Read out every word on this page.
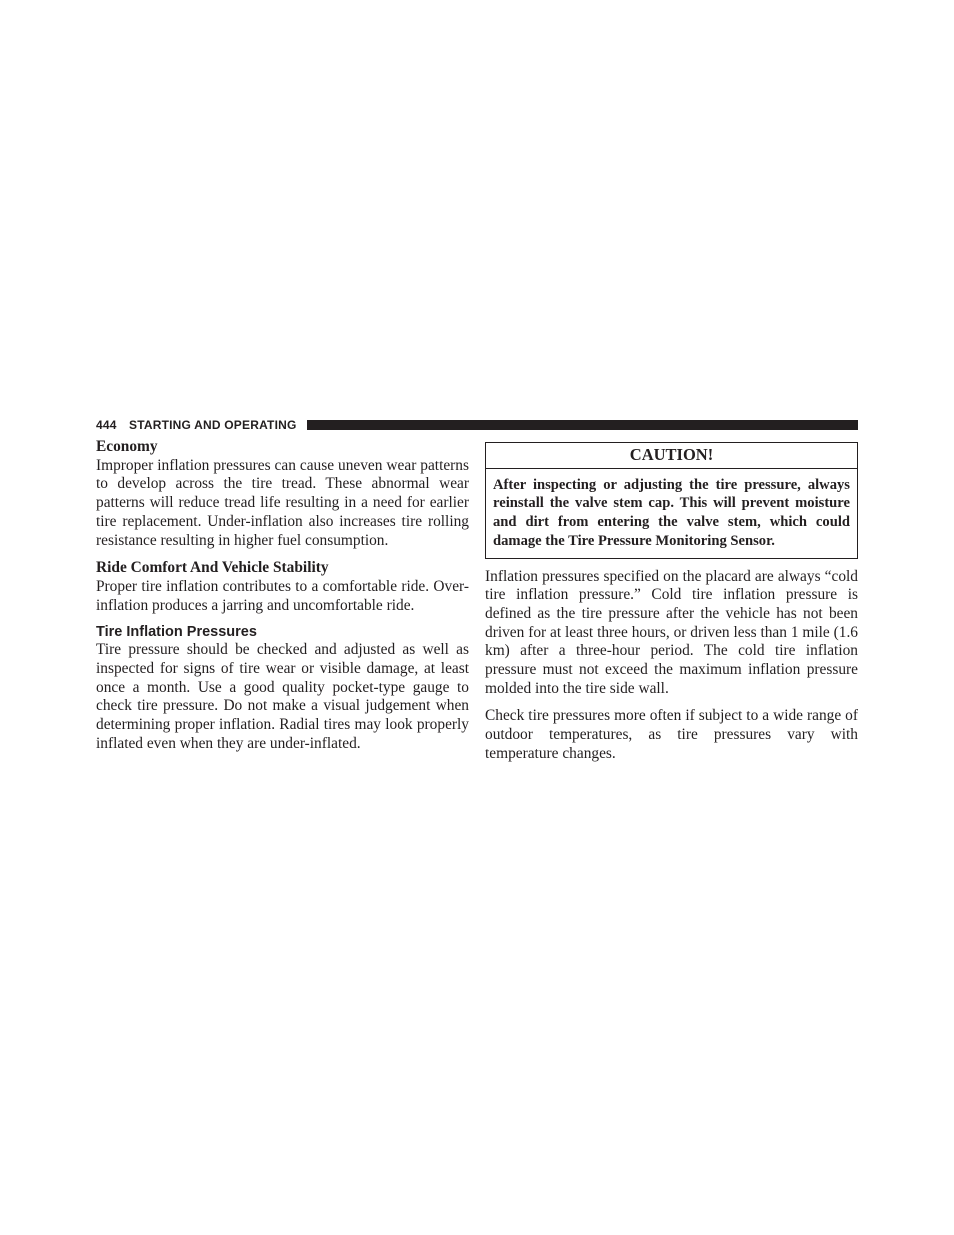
444 STARTING AND OPERATING

Economy

Improper inflation pressures can cause uneven wear patterns to develop across the tire tread. These abnormal wear patterns will reduce tread life resulting in a need for earlier tire replacement. Under-inflation also increases tire rolling resistance resulting in higher fuel consumption.

Ride Comfort And Vehicle Stability

Proper tire inflation contributes to a comfortable ride. Over-inflation produces a jarring and uncomfortable ride.

Tire Inflation Pressures

Tire pressure should be checked and adjusted as well as inspected for signs of tire wear or visible damage, at least once a month. Use a good quality pocket-type gauge to check tire pressure. Do not make a visual judgement when determining proper inflation. Radial tires may look properly inflated even when they are under-inflated.

CAUTION!
After inspecting or adjusting the tire pressure, always reinstall the valve stem cap. This will prevent moisture and dirt from entering the valve stem, which could damage the Tire Pressure Monitoring Sensor.

Inflation pressures specified on the placard are always “cold tire inflation pressure.” Cold tire inflation pressure is defined as the tire pressure after the vehicle has not been driven for at least three hours, or driven less than 1 mile (1.6 km) after a three-hour period. The cold tire inflation pressure must not exceed the maximum inflation pressure molded into the tire side wall.

Check tire pressures more often if subject to a wide range of outdoor temperatures, as tire pressures vary with temperature changes.
